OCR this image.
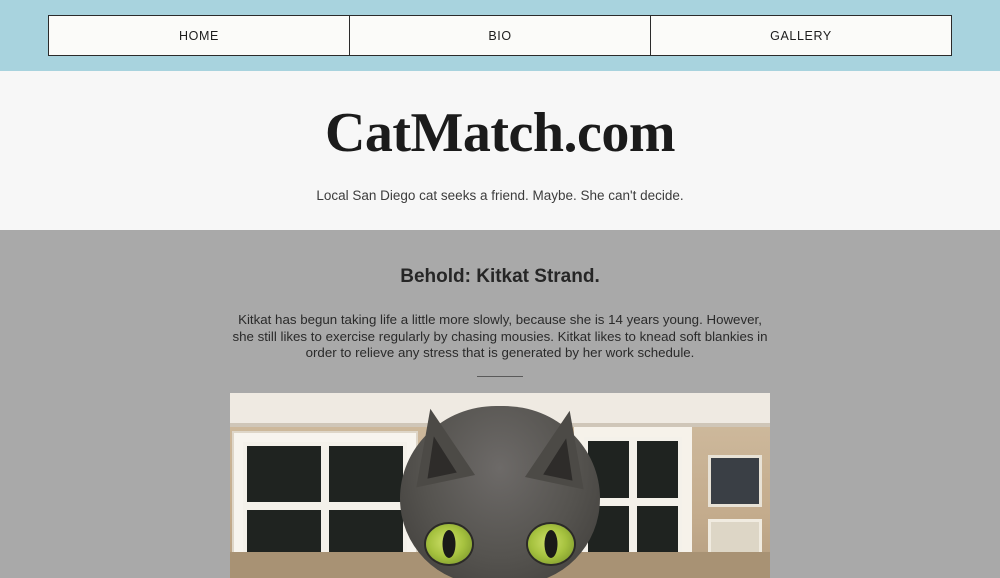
HOME	BIO	GALLERY
CatMatch.com

Local San Diego cat seeks a friend. Maybe. She can't decide.

Behold: Kitkat Strand.

Kitkat has begun taking life a little more slowly, because she is 14 years young. However, she still likes to exercise regularly by chasing mousies. Kitkat likes to knead soft blankies in order to relieve any stress that is generated by her work schedule.
